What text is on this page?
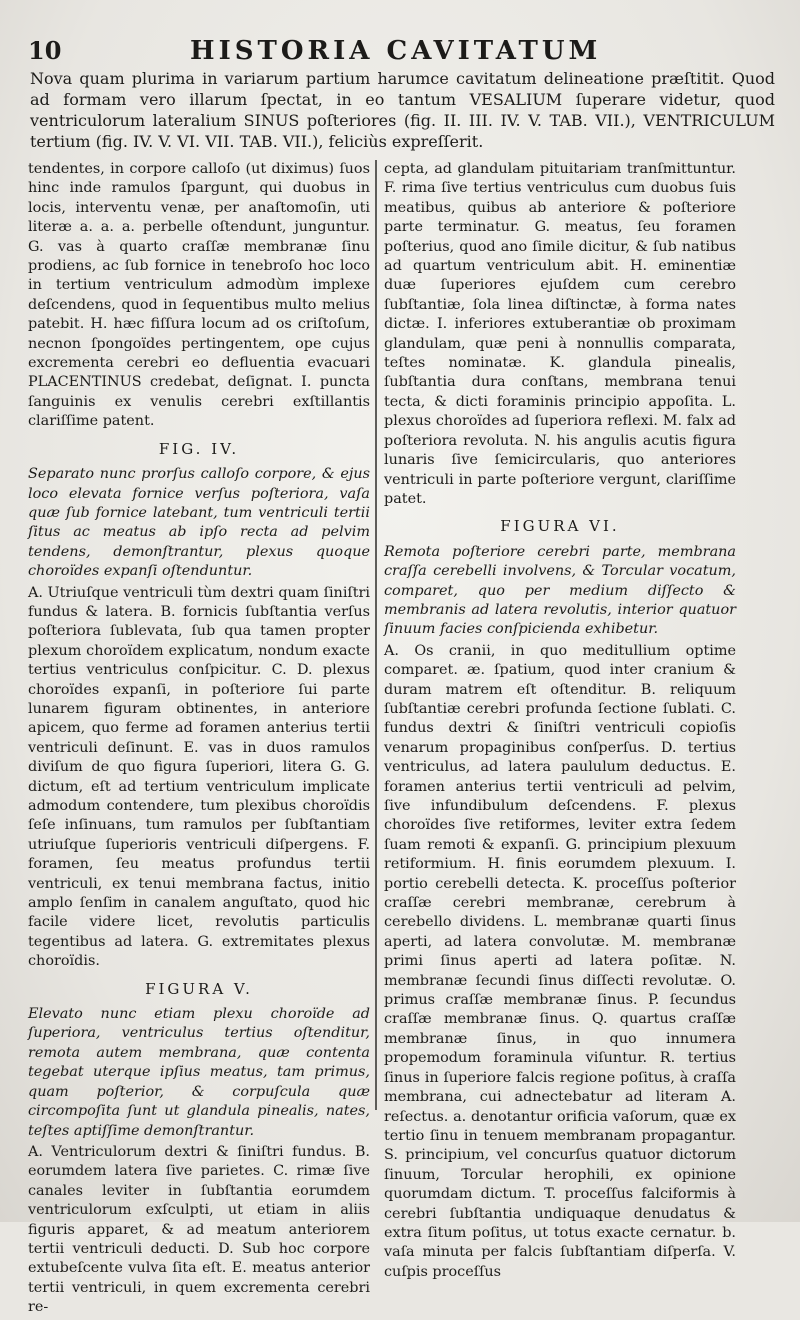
10	HISTORIA CAVITATUM

Nova quam plurima in variarum partium harumce cavitatum delineatione præſtitit. Quod ad formam vero illarum ſpectat, in eo tantum VESALIUM ſuperare videtur, quod ventriculorum lateralium SINUS poſteriores (fig. II. III. IV. V. TAB. VII.), VENTRICULUM tertium (fig. IV. V. VI. VII. TAB. VII.), feliciùs expreſſerit.

tendentes, in corpore calloſo (ut diximus) ſuos hinc inde ramulos ſpargunt, qui duobus in locis, interventu venæ, per anaſtomoſin, uti literæ a. a. a. perbelle oſtendunt, junguntur. G. vas à quarto craſſæ membranæ ſinu prodiens, ac ſub fornice in tenebroſo hoc loco in tertium ventriculum admodùm implexe deſcendens, quod in ſequentibus multo melius patebit. H. hæc fiſſura locum ad os criſtoſum, necnon ſpongoïdes pertingentem, ope cujus excrementa cerebri eo defluentia evacuari PLACENTINUS credebat, deſignat. I. puncta ſanguinis ex venulis cerebri exſtillantis clariſſime patent.

FIG. IV.

Separato nunc prorſus calloſo corpore, & ejus loco elevata fornice verſus poſteriora, vaſa quæ ſub fornice latebant, tum ventriculi tertii ſitus ac meatus ab ipſo recta ad pelvim tendens, demonſtrantur, plexus quoque choroïdes expanſi oſtenduntur.

A. Utriuſque ventriculi tùm dextri quam ſiniſtri fundus & latera. B. fornicis ſubſtantia verſus poſteriora ſublevata, ſub qua tamen propter plexum choroïdem explicatum, nondum exacte tertius ventriculus conſpicitur. C. D. plexus choroïdes expanſi, in poſteriore ſui parte lunarem figuram obtinentes, in anteriore apicem, quo ferme ad foramen anterius tertii ventriculi deſinunt. E. vas in duos ramulos diviſum de quo figura ſuperiori, litera G. G. dictum, eſt ad tertium ventriculum implicate admodum contendere, tum plexibus choroïdis ſeſe inſinuans, tum ramulos per ſubſtantiam utriuſque ſuperioris ventriculi diſpergens. F. foramen, ſeu meatus profundus tertii ventriculi, ex tenui membrana factus, initio amplo ſenſim in canalem anguſtato, quod hic facile videre licet, revolutis particulis tegentibus ad latera. G. extremitates plexus choroïdis.

FIGURA V.

Elevato nunc etiam plexu choroïde ad ſuperiora, ventriculus tertius oſtenditur, remota autem membrana, quæ contenta tegebat uterque ipſius meatus, tam primus, quam poſterior, & corpuſcula quæ circompoſita ſunt ut glandula pinealis, nates, teſtes aptiſſime demonſtrantur.

A. Ventriculorum dextri & ſiniſtri fundus. B. eorumdem latera ſive parietes. C. rimæ ſive canales leviter in ſubſtantia eorumdem ventriculorum exſculpti, ut etiam in aliis figuris apparet, & ad meatum anteriorem tertii ventriculi deducti. D. Sub hoc corpore extubeſcente vulva ſita eſt. E. meatus anterior tertii ventriculi, in quem excrementa cerebri re-

cepta, ad glandulam pituitariam tranſmittuntur. F. rima ſive tertius ventriculus cum duobus ſuis meatibus, quibus ab anteriore & poſteriore parte terminatur. G. meatus, ſeu foramen poſterius, quod ano ſimile dicitur, & ſub natibus ad quartum ventriculum abit. H. eminentiæ duæ ſuperiores ejuſdem cum cerebro ſubſtantiæ, ſola linea diſtinctæ, à forma nates dictæ. I. inferiores extuberantiæ ob proximam glandulam, quæ peni à nonnullis comparata, teſtes nominatæ. K. glandula pinealis, ſubſtantia dura conſtans, membrana tenui tecta, & dicti foraminis principio appoſita. L. plexus choroïdes ad ſuperiora reflexi. M. falx ad poſteriora revoluta. N. his angulis acutis figura lunaris ſive ſemicircularis, quo anteriores ventriculi in parte poſteriore vergunt, clariſſime patet.

FIGURA VI.

Remota poſteriore cerebri parte, membrana craſſa cerebelli involvens, & Torcular vocatum, comparet, quo per medium diſſecto & membranis ad latera revolutis, interior quatuor ſinuum facies conſpicienda exhibetur.

A. Os cranii, in quo meditullium optime comparet. æ. ſpatium, quod inter cranium & duram matrem eſt oſtenditur. B. reliquum ſubſtantiæ cerebri profunda ſectione ſublati. C. fundus dextri & ſiniſtri ventriculi copioſis venarum propaginibus conſperſus. D. tertius ventriculus, ad latera paululum deductus. E. foramen anterius tertii ventriculi ad pelvim, ſive infundibulum deſcendens. F. plexus choroïdes ſive retiformes, leviter extra ſedem ſuam remoti & expanſi. G. principium plexuum retiformium. H. finis eorumdem plexuum. I. portio cerebelli detecta. K. proceſſus poſterior craſſæ cerebri membranæ, cerebrum à cerebello dividens. L. membranæ quarti ſinus aperti, ad latera convolutæ. M. membranæ primi ſinus aperti ad latera poſitæ. N. membranæ ſecundi ſinus diſſecti revolutæ. O. primus craſſæ membranæ ſinus. P. ſecundus craſſæ membranæ ſinus. Q. quartus craſſæ membranæ ſinus, in quo innumera propemodum foraminula viſuntur. R. tertius ſinus in ſuperiore falcis regione poſitus, à craſſa membrana, cui adnectebatur ad literam A. reſectus. a. denotantur orificia vaſorum, quæ ex tertio ſinu in tenuem membranam propagantur. S. principium, vel concurſus quatuor dictorum ſinuum, Torcular herophili, ex opinione quorumdam dictum. T. proceſſus falciformis à cerebri ſubſtantia undiquaque denudatus & extra ſitum poſitus, ut totus exacte cernatur. b. vaſa minuta per falcis ſubſtantiam diſperſa. V. cuſpis proceſſus
